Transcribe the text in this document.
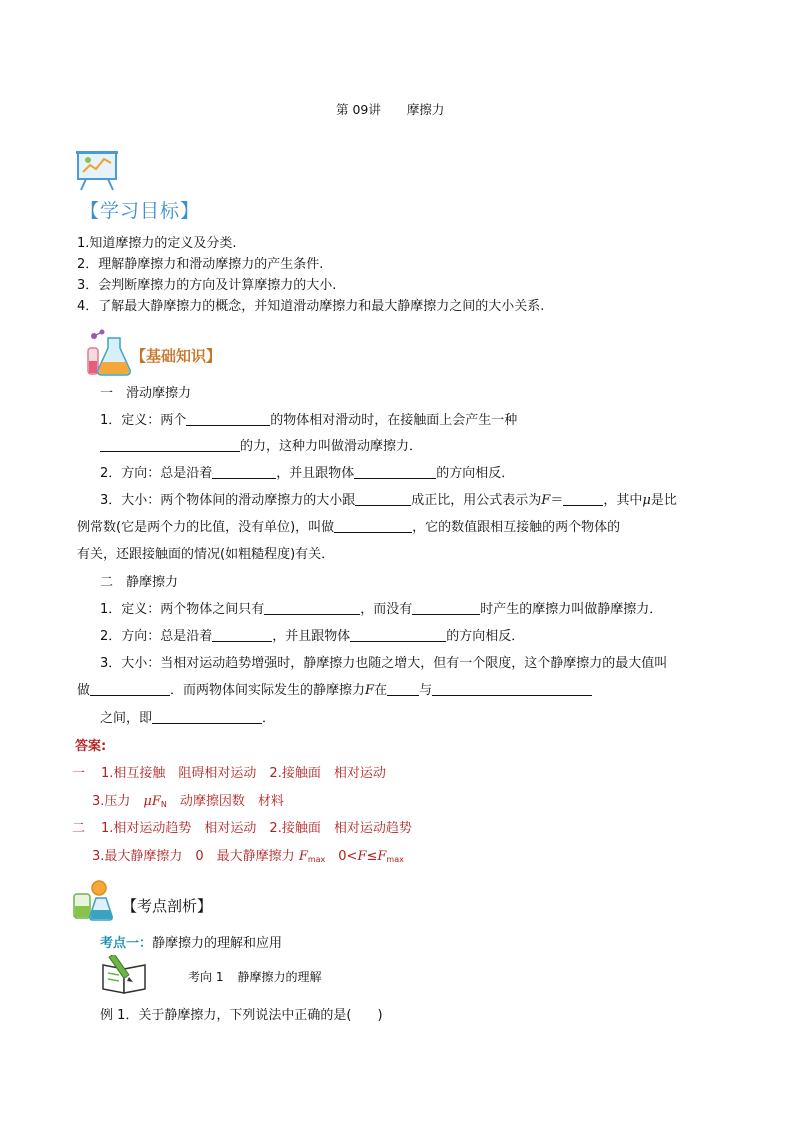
第 09讲 摩擦力
【学习目标】
1.知道摩擦力的定义及分类.
2．理解静摩擦力和滑动摩擦力的产生条件.
3．会判断摩擦力的方向及计算摩擦力的大小.
4．了解最大静摩擦力的概念，并知道滑动摩擦力和最大静摩擦力之间的大小关系.
【基础知识】
一　滑动摩擦力
1．定义：两个	的物体相对滑动时，在接触面上会产生一种
的力，这种力叫做滑动摩擦力．
2．方向：总是沿着	，并且跟物体	的方向相反．
3．大小：两个物体间的滑动摩擦力的大小跟	成正比，用公式表示为F＝	，其中μ是比
例常数(它是两个力的比值，没有单位)，叫做	，它的数值跟相互接触的两个物体的
有关，还跟接触面的情况(如粗糙程度)有关．
二　静摩擦力
1．定义：两个物体之间只有	，而没有	时产生的摩擦力叫做静摩擦力．
2．方向：总是沿着	，并且跟物体	的方向相反．
3．大小：当相对运动趋势增强时，静摩擦力也随之增大，但有一个限度，这个静摩擦力的最大值叫
做	．而两物体间实际发生的静摩擦力F在 与
之间，即	．
答案:
一 1.相互接触　阻碍相对运动　2.接触面　相对运动
3.压力　$\mu F_N$　动摩擦因数　材料
二 1.相对运动趋势　相对运动　2.接触面　相对运动趋势
3.最大静摩擦力　0　最大静摩擦力 $F_{max}$　$0<F\le F_{max}$
【考点剖析】
考点一：静摩擦力的理解和应用
考向 1 静摩擦力的理解
例 1．关于静摩擦力，下列说法中正确的是(　　)
